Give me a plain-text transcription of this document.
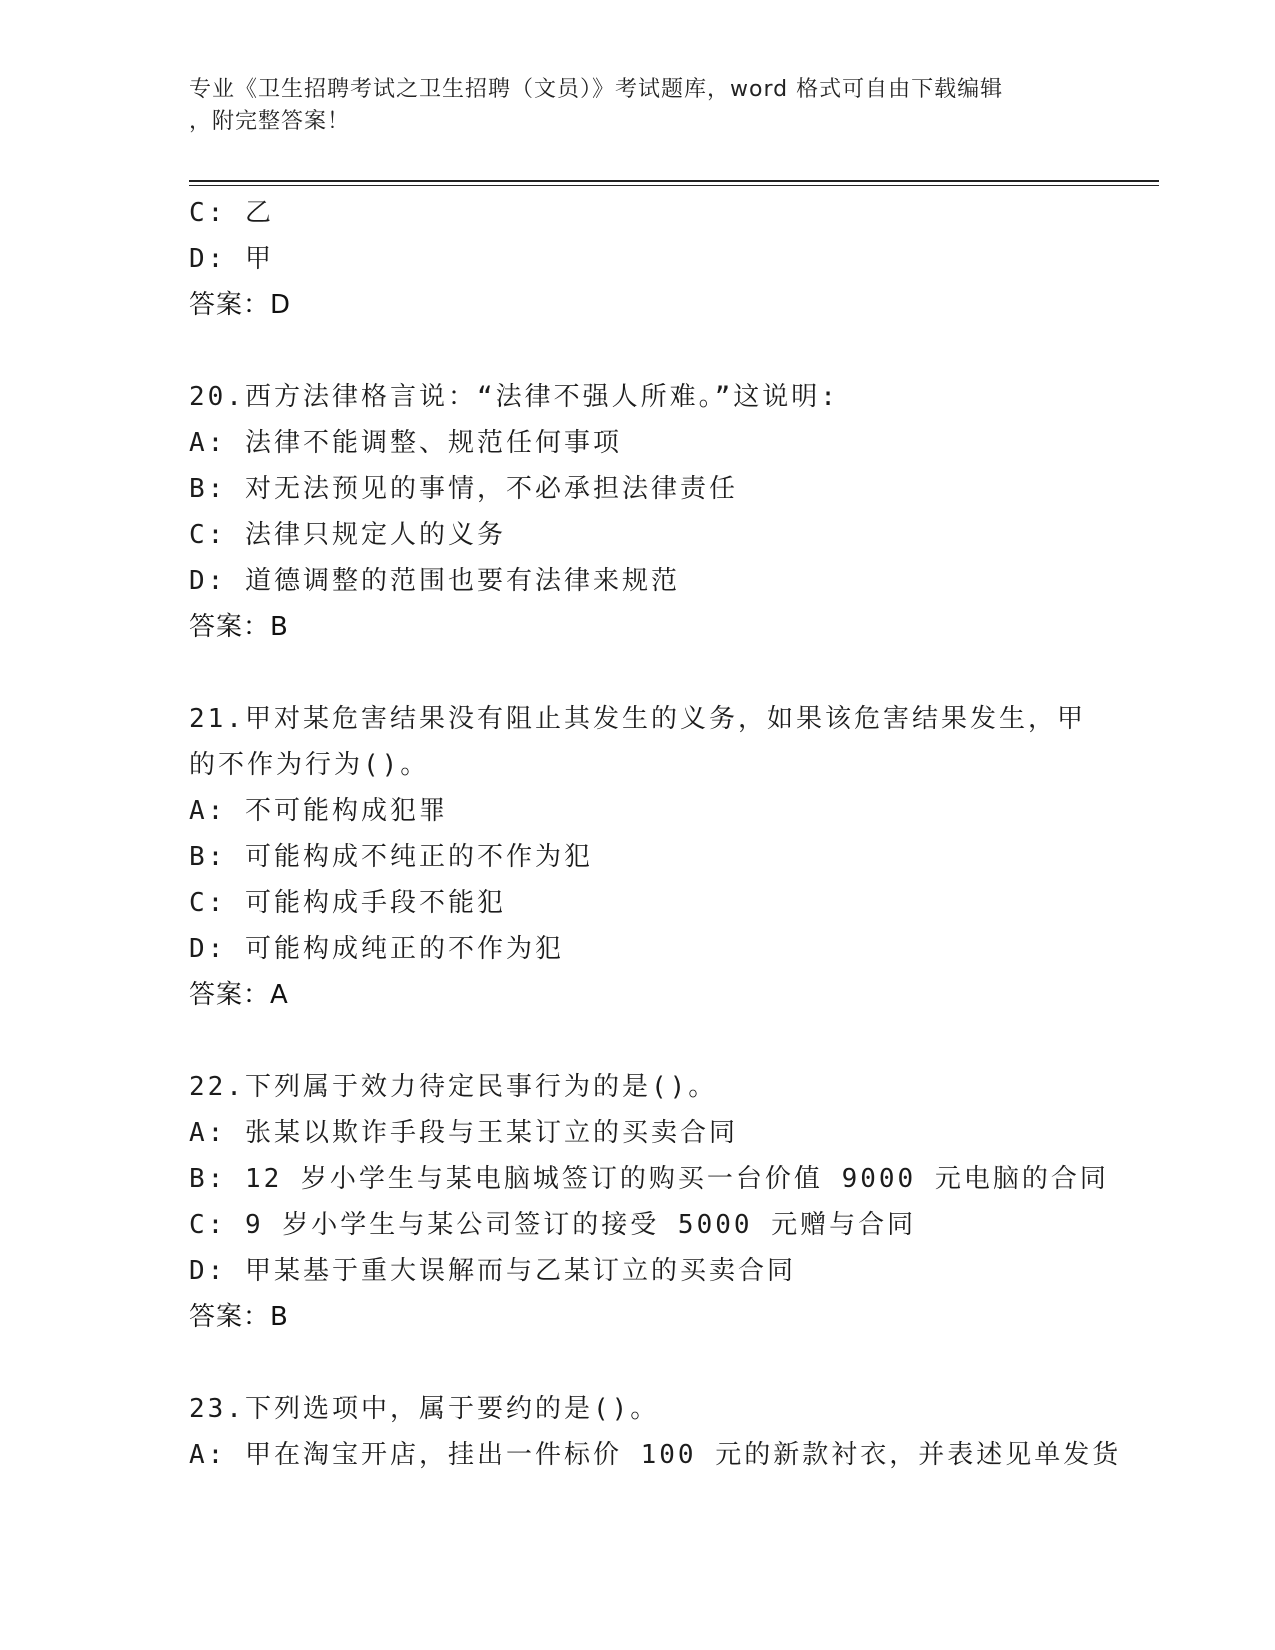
专业《卫生招聘考试之卫生招聘（文员）》考试题库，word 格式可自由下载编辑
，附完整答案！
C: 乙
D: 甲
答案：D
20.西方法律格言说：“法律不强人所难。”这说明:
A: 法律不能调整、规范任何事项
B: 对无法预见的事情，不必承担法律责任
C: 法律只规定人的义务
D: 道德调整的范围也要有法律来规范
答案：B
21.甲对某危害结果没有阻止其发生的义务，如果该危害结果发生，甲
的不作为行为()。
A: 不可能构成犯罪
B: 可能构成不纯正的不作为犯
C: 可能构成手段不能犯
D: 可能构成纯正的不作为犯
答案：A
22.下列属于效力待定民事行为的是()。
A: 张某以欺诈手段与王某订立的买卖合同
B: 12 岁小学生与某电脑城签订的购买一台价值 9000 元电脑的合同
C: 9 岁小学生与某公司签订的接受 5000 元赠与合同
D: 甲某基于重大误解而与乙某订立的买卖合同
答案：B
23.下列选项中，属于要约的是()。
A: 甲在淘宝开店，挂出一件标价 100 元的新款衬衣，并表述见单发货
